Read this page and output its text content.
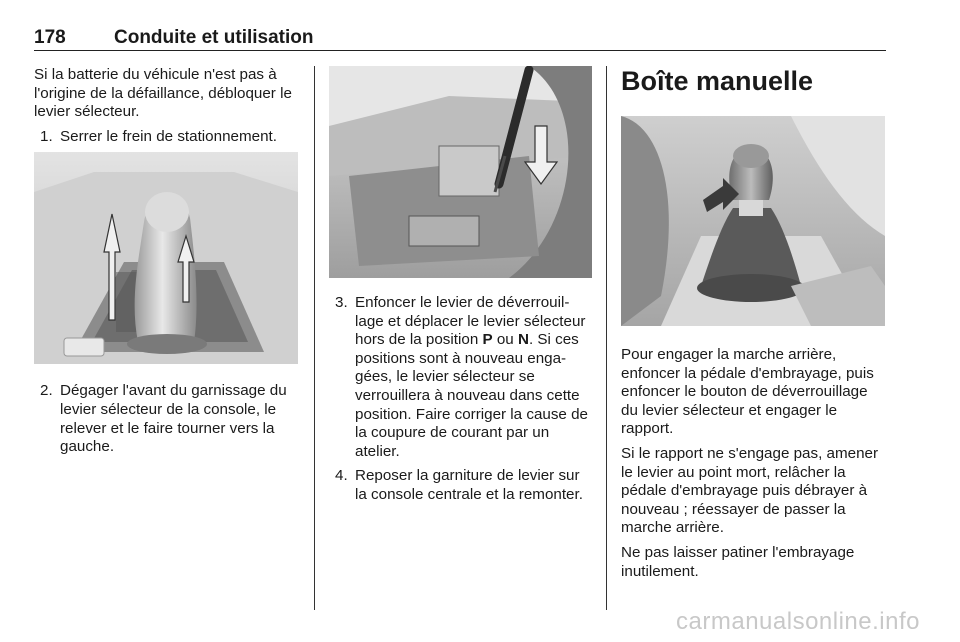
178	Conduite et utilisation

Si la batterie du véhicule n'est pas à l'origine de la défaillance, débloquer le levier sélecteur.

1. Serrer le frein de stationnement.
2. Dégager l'avant du garnissage du levier sélecteur de la console, le relever et le faire tourner vers la gauche.
3. Enfoncer le levier de déverrouil-lage et déplacer le levier sélecteur hors de la position P ou N. Si ces positions sont à nouveau enga-gées, le levier sélecteur se verrouillera à nouveau dans cette position. Faire corriger la cause de la coupure de courant par un atelier.
4. Reposer la garniture de levier sur la console centrale et la remonter.
Boîte manuelle

Pour engager la marche arrière, enfoncer la pédale d'embrayage, puis enfoncer le bouton de déverrouillage du levier sélecteur et engager le rapport.

Si le rapport ne s'engage pas, amener le levier au point mort, relâcher la pédale d'embrayage puis débrayer à nouveau ; réessayer de passer la marche arrière.

Ne pas laisser patiner l'embrayage inutilement.

carmanualsonline.info
